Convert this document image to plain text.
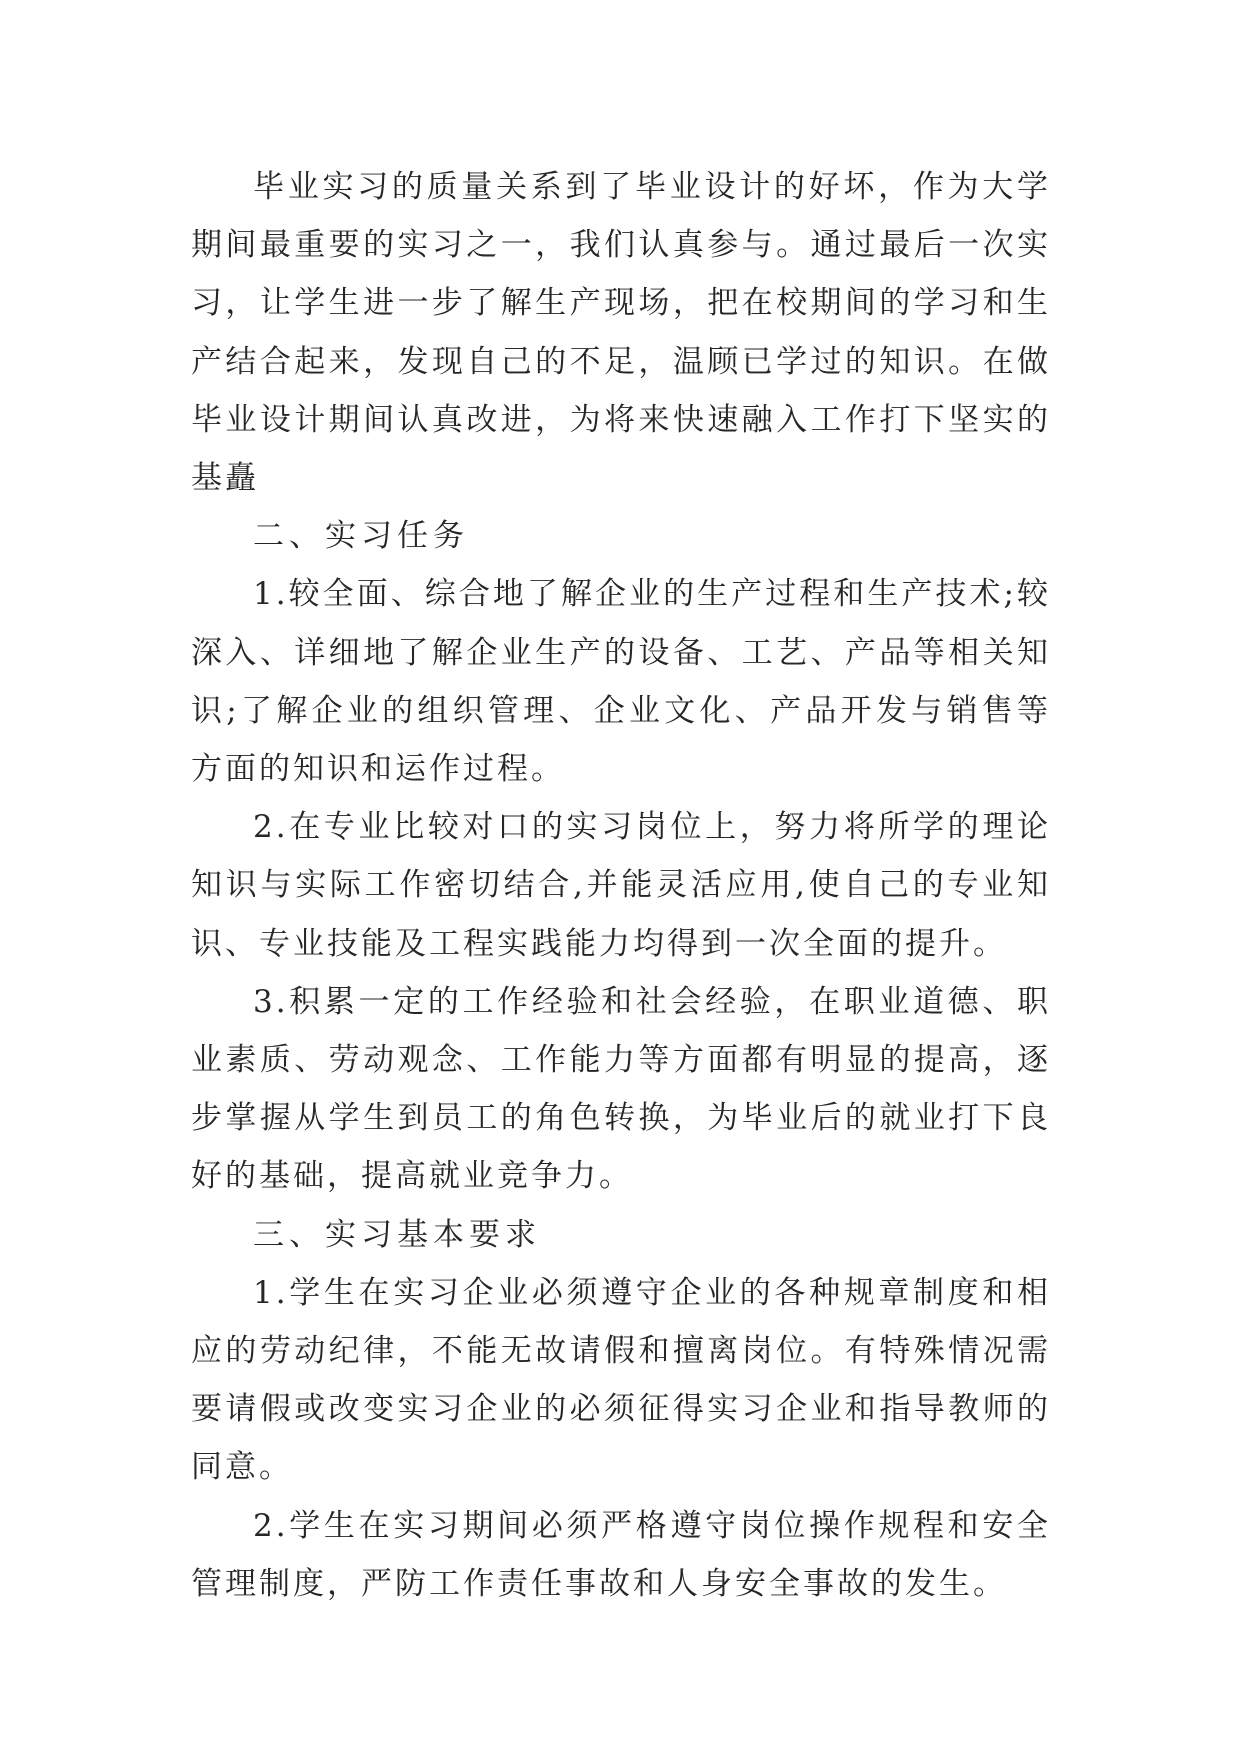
毕业实习的质量关系到了毕业设计的好坏，作为大学期间最重要的实习之一，我们认真参与。通过最后一次实习，让学生进一步了解生产现场，把在校期间的学习和生产结合起来，发现自己的不足，温顾已学过的知识。在做毕业设计期间认真改进，为将来快速融入工作打下坚实的基矗

二、实习任务

1.较全面、综合地了解企业的生产过程和生产技术;较深入、详细地了解企业生产的设备、工艺、产品等相关知识;了解企业的组织管理、企业文化、产品开发与销售等方面的知识和运作过程。

2.在专业比较对口的实习岗位上，努力将所学的理论知识与实际工作密切结合,并能灵活应用,使自己的专业知识、专业技能及工程实践能力均得到一次全面的提升。

3.积累一定的工作经验和社会经验，在职业道德、职业素质、劳动观念、工作能力等方面都有明显的提高，逐步掌握从学生到员工的角色转换，为毕业后的就业打下良好的基础，提高就业竞争力。

三、实习基本要求

1.学生在实习企业必须遵守企业的各种规章制度和相应的劳动纪律，不能无故请假和擅离岗位。有特殊情况需要请假或改变实习企业的必须征得实习企业和指导教师的同意。

2.学生在实习期间必须严格遵守岗位操作规程和安全管理制度，严防工作责任事故和人身安全事故的发生。
